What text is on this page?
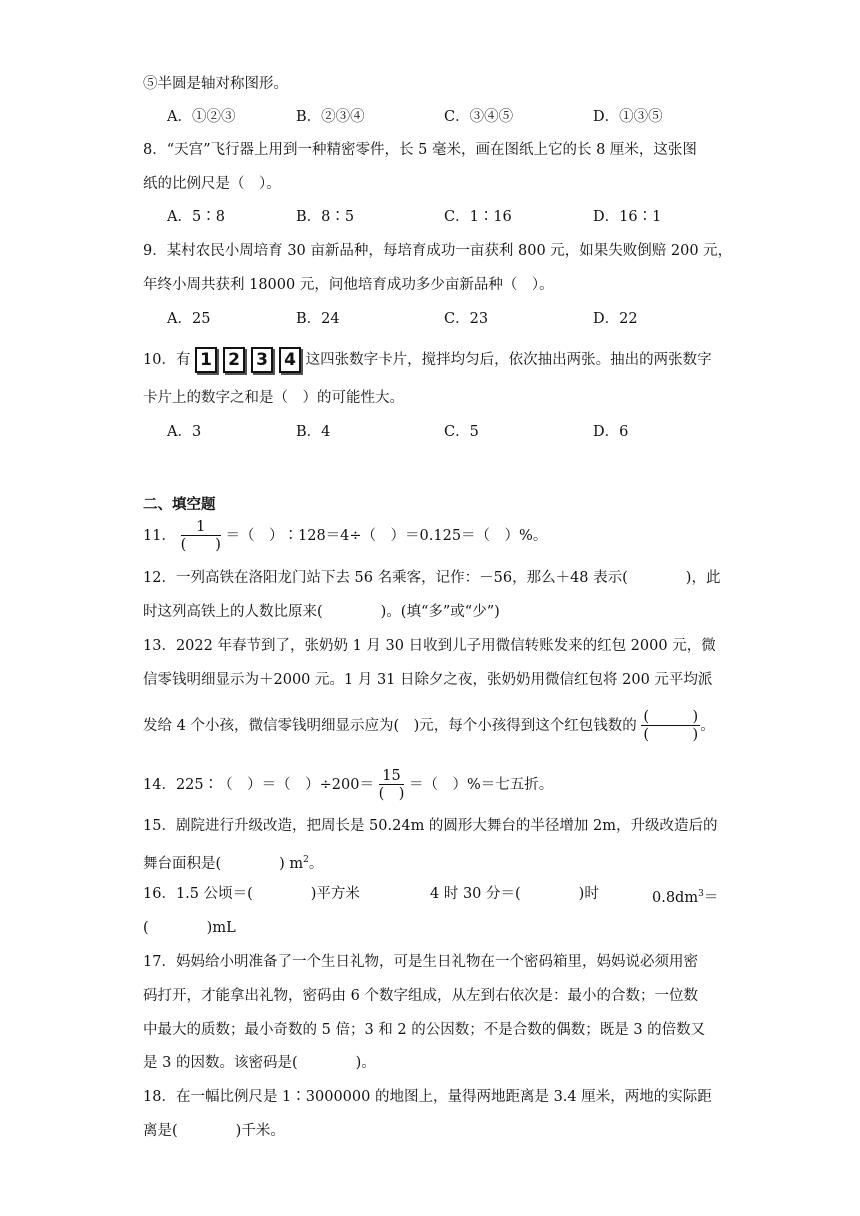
⑤半圆是轴对称图形。
A．①②③	B．②③④	C．③④⑤	D．①③⑤
8．“天宫”飞行器上用到一种精密零件，长 5 毫米，画在图纸上它的长 8 厘米，这张图
纸的比例尺是（　）。
A．5∶8	B．8∶5	C．1∶16	D．16∶1
9．某村农民小周培育 30 亩新品种，每培育成功一亩获利 800 元，如果失败倒赔 200 元，
年终小周共获利 18000 元，问他培育成功多少亩新品种（　）。
A．25	B．24	C．23	D．22
10．有 1 2 3 4 这四张数字卡片，搅拌均匀后，依次抽出两张。抽出的两张数字
卡片上的数字之和是（　）的可能性大。
A．3	B．4	C．5	D．6
二、填空题
11． $\frac{1}{( )}$ ＝（　）∶128＝4÷（　）＝0.125＝（　）%。
12．一列高铁在洛阳龙门站下去 56 名乘客，记作：－56，那么＋48 表示(　　　　)，此
时这列高铁上的人数比原来(　　　　)。(填“多”或“少”)
13．2022 年春节到了，张奶奶 1 月 30 日收到儿子用微信转账发来的红包 2000 元，微
信零钱明细显示为＋2000 元。1 月 31 日除夕之夜，张奶奶用微信红包将 200 元平均派
发给 4 个小孩，微信零钱明细显示应为(　)元，每个小孩得到这个红包钱数的 $\frac{( )}{( )}$ 。
14．225∶（　）＝（　）$\div 200= \frac{15}{( )}$ ＝（　）%＝七五折。
15．剧院进行升级改造，把周长是 50.24m 的圆形大舞台的半径增加 2m，升级改造后的
舞台面积是(　　　　) $m^2$。
16．1.5 公顷＝(　　　　)平方米	4 时 30 分＝(　　　　)时	$0.8dm^3=$
(　　　　)mL
17．妈妈给小明准备了一个生日礼物，可是生日礼物在一个密码箱里，妈妈说必须用密
码打开，才能拿出礼物，密码由 6 个数字组成，从左到右依次是：最小的合数；一位数
中最大的质数；最小奇数的 5 倍；3 和 2 的公因数；不是合数的偶数；既是 3 的倍数又
是 3 的因数。该密码是(　　　　)。
18．在一幅比例尺是 1∶3000000 的地图上，量得两地距离是 3.4 厘米，两地的实际距
离是(　　　　)千米。
